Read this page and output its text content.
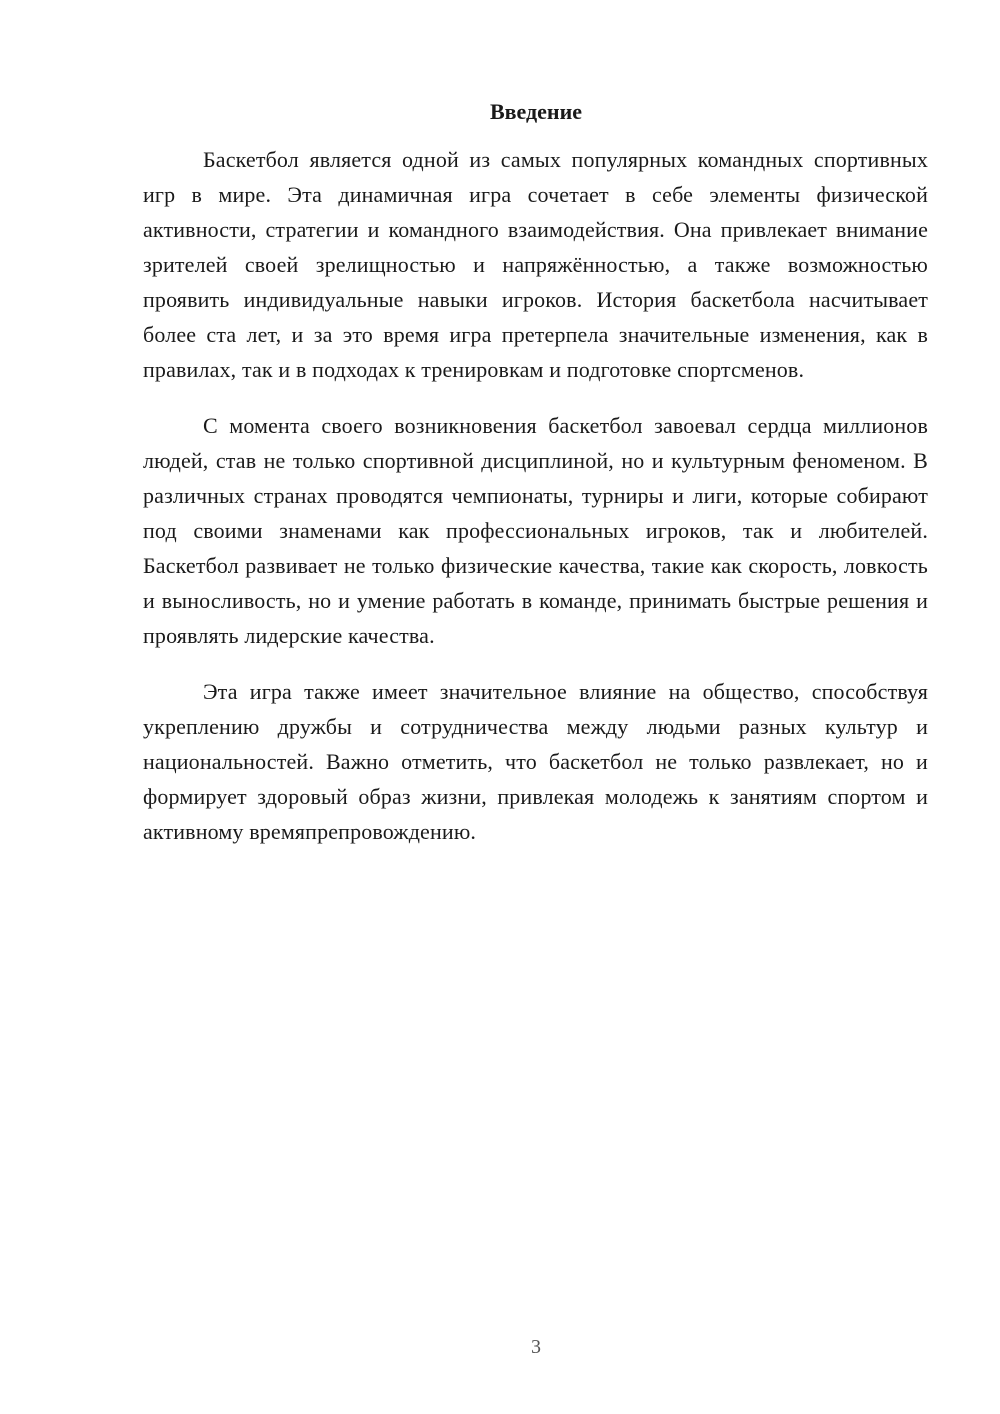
Введение

Баскетбол является одной из самых популярных командных спортивных игр в мире. Эта динамичная игра сочетает в себе элементы физической активности, стратегии и командного взаимодействия. Она привлекает внимание зрителей своей зрелищностью и напряжённостью, а также возможностью проявить индивидуальные навыки игроков. История баскетбола насчитывает более ста лет, и за это время игра претерпела значительные изменения, как в правилах, так и в подходах к тренировкам и подготовке спортсменов.

С момента своего возникновения баскетбол завоевал сердца миллионов людей, став не только спортивной дисциплиной, но и культурным феноменом. В различных странах проводятся чемпионаты, турниры и лиги, которые собирают под своими знаменами как профессиональных игроков, так и любителей. Баскетбол развивает не только физические качества, такие как скорость, ловкость и выносливость, но и умение работать в команде, принимать быстрые решения и проявлять лидерские качества.

Эта игра также имеет значительное влияние на общество, способствуя укреплению дружбы и сотрудничества между людьми разных культур и национальностей. Важно отметить, что баскетбол не только развлекает, но и формирует здоровый образ жизни, привлекая молодежь к занятиям спортом и активному времяпрепровождению.

3
